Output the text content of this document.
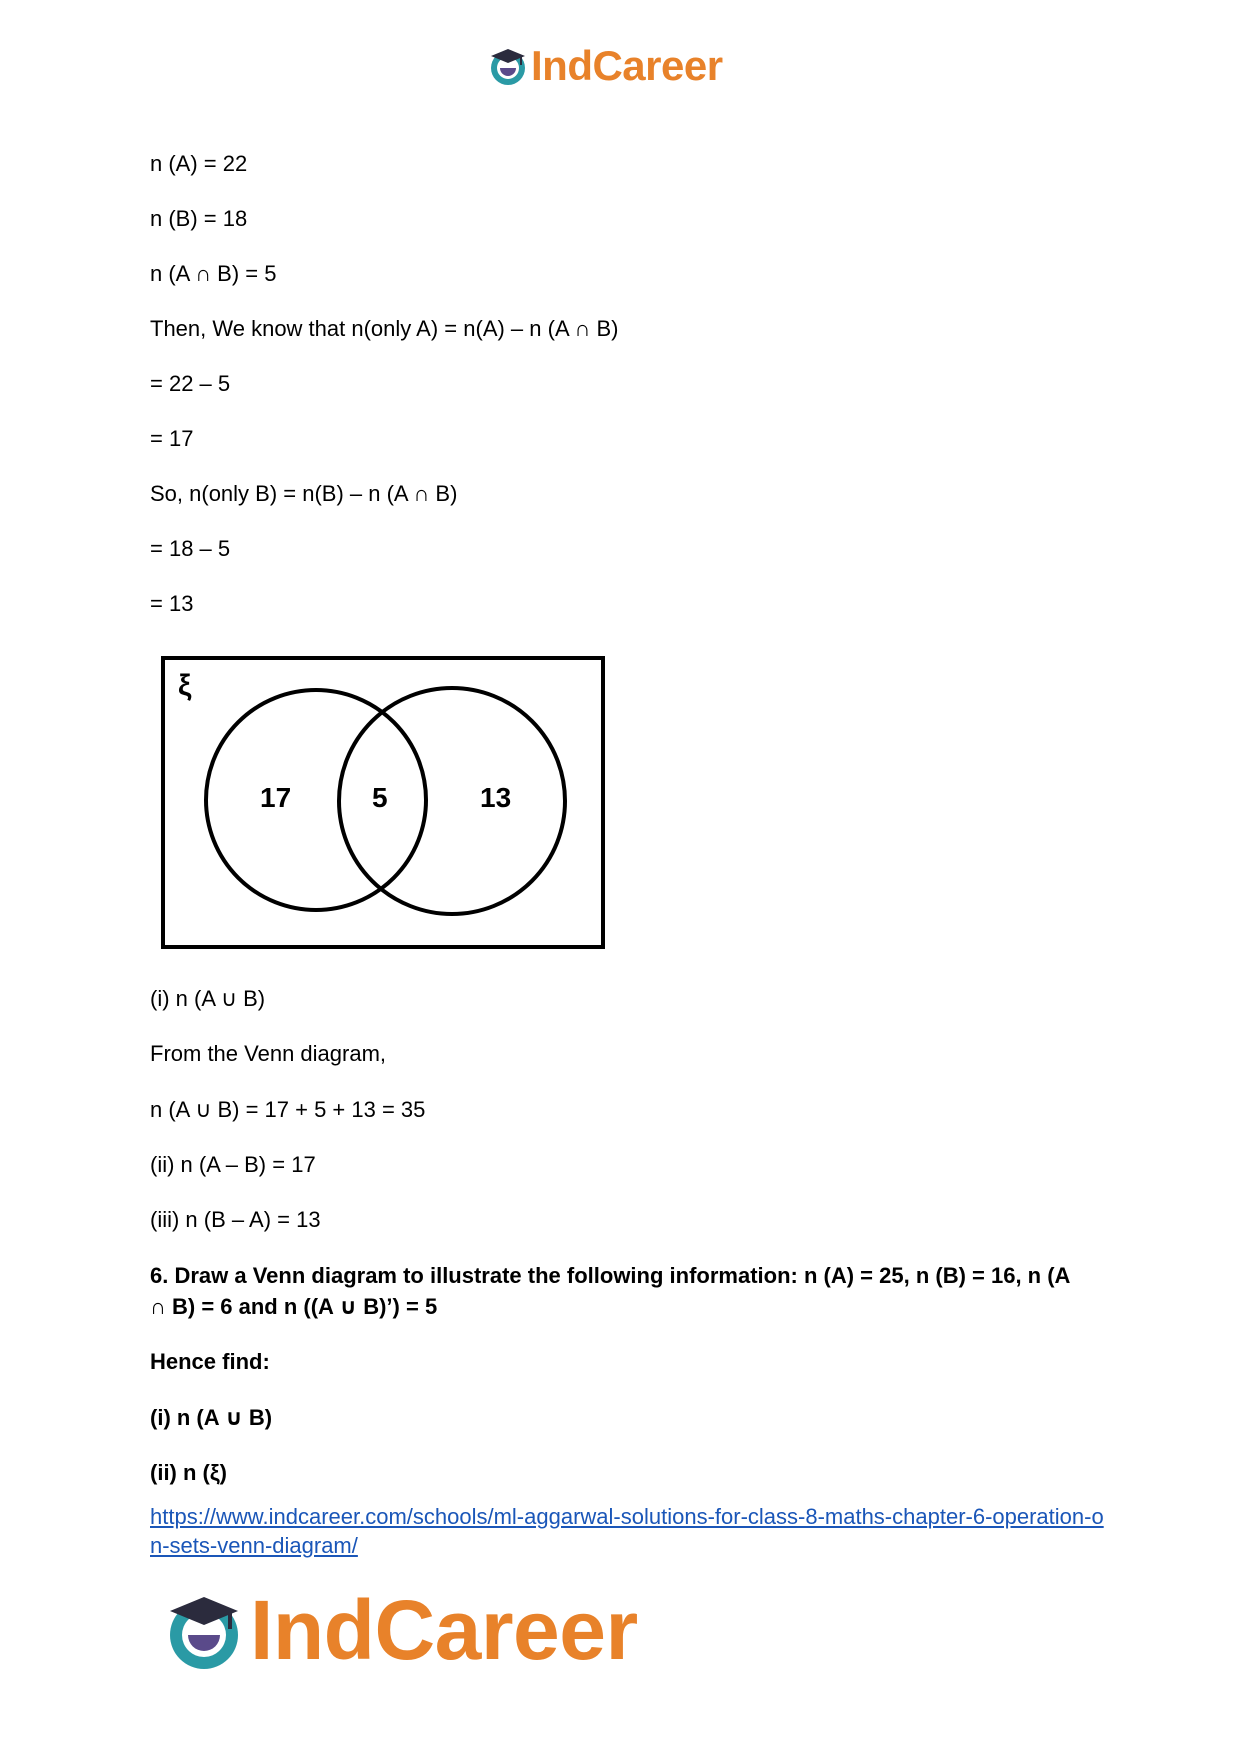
IndCareer
n (A) = 22
n (B) = 18
n (A ∩ B) = 5
Then, We know that n(only A) = n(A) – n (A ∩ B)
= 22 – 5
= 17
So, n(only B) = n(B) – n (A ∩ B)
= 18 – 5
= 13
ξ
17	5	13
(i) n (A ∪ B)
From the Venn diagram,
n (A ∪ B) = 17 + 5 + 13 = 35
(ii) n (A – B) = 17
(iii) n (B – A) = 13
6. Draw a Venn diagram to illustrate the following information: n (A) = 25, n (B) = 16, n (A ∩ B) = 6 and n ((A ∪ B)’) = 5
Hence find:
(i) n (A ∪ B)
(ii) n (ξ)
https://www.indcareer.com/schools/ml-aggarwal-solutions-for-class-8-maths-chapter-6-operation-on-sets-venn-diagram/
IndCareer
